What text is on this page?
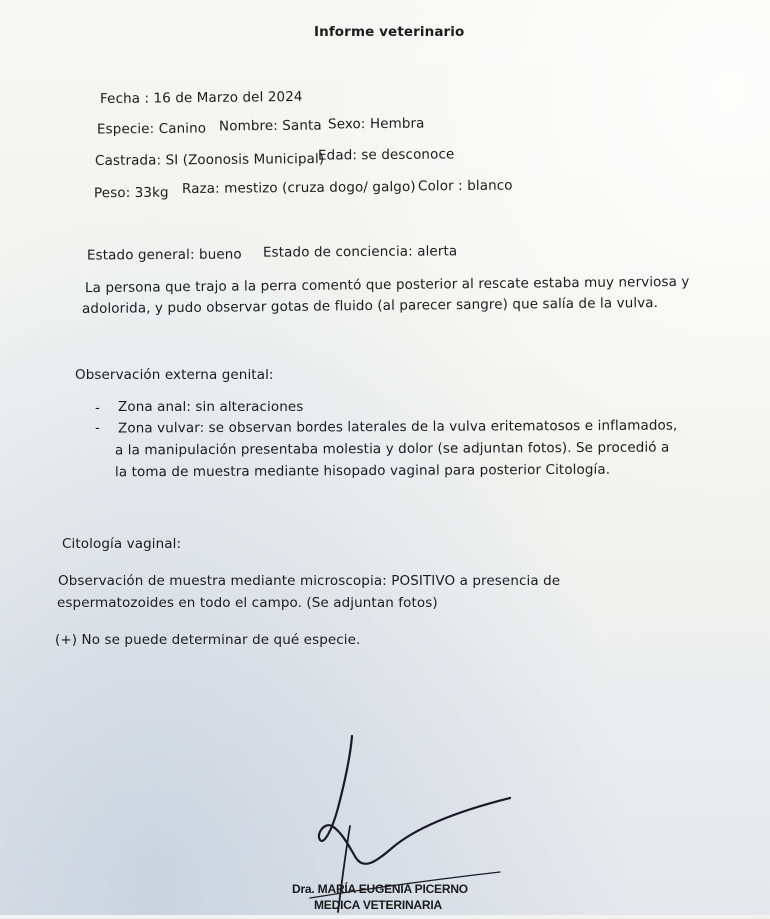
Informe veterinario
Fecha : 16 de Marzo del 2024
Especie: Canino Nombre: Santa Sexo: Hembra
Castrada: SI (Zoonosis Municipal)
Edad: se desconoce
Peso: 33kg Raza: mestizo (cruza dogo/ galgo) Color : blanco
Estado general: bueno Estado de conciencia: alerta
La persona que trajo a la perra comentó que posterior al rescate estaba muy nerviosa y
adolorida, y pudo observar gotas de fluido (al parecer sangre) que salía de la vulva.
Observación externa genital:
- Zona anal: sin alteraciones
- Zona vulvar: se observan bordes laterales de la vulva eritematosos e inflamados,
a la manipulación presentaba molestia y dolor (se adjuntan fotos). Se procedió a
la toma de muestra mediante hisopado vaginal para posterior Citología.
Citología vaginal:
Observación de muestra mediante microscopia: POSITIVO a presencia de
espermatozoides en todo el campo. (Se adjuntan fotos)
(+) No se puede determinar de qué especie.
Dra. MARÍA EUGENIA PICERNO
MEDICA VETERINARIA
